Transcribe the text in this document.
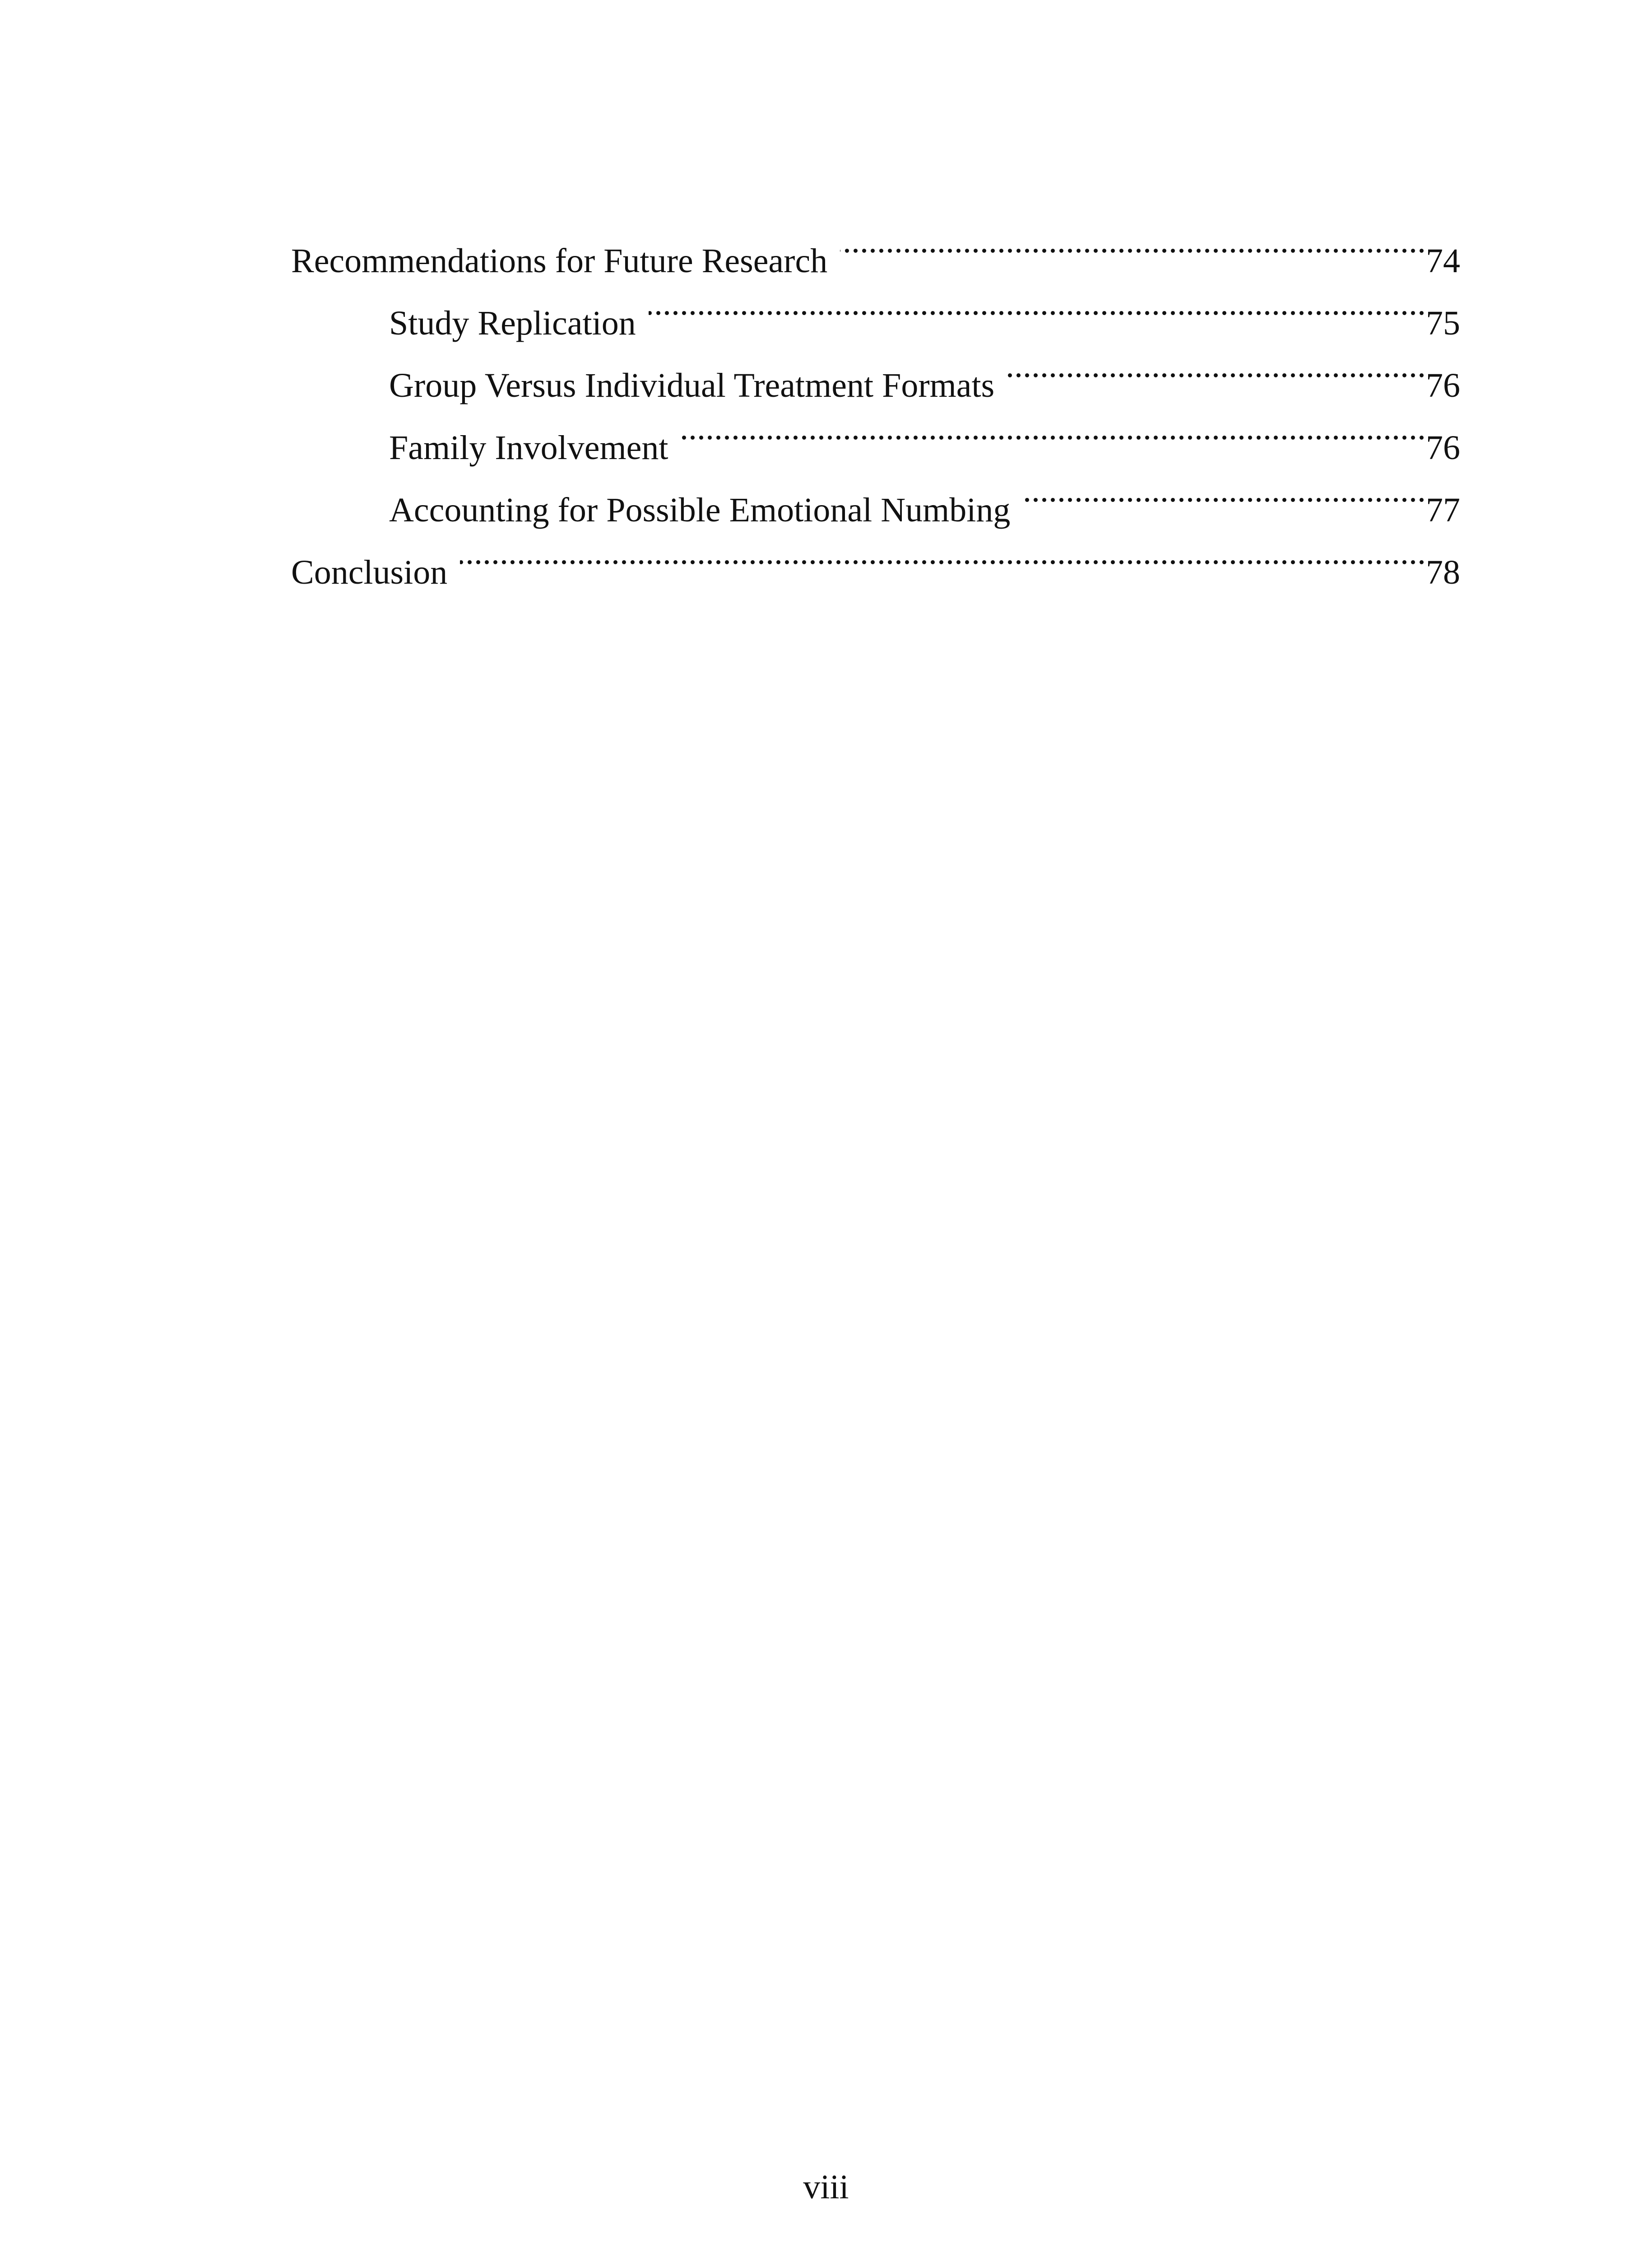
Recommendations for Future Research .....	74
Study Replication .....	75
Group Versus Individual Treatment Formats .....	76
Family Involvement .....	76
Accounting for Possible Emotional Numbing .....	77
Conclusion .....	78
viii
